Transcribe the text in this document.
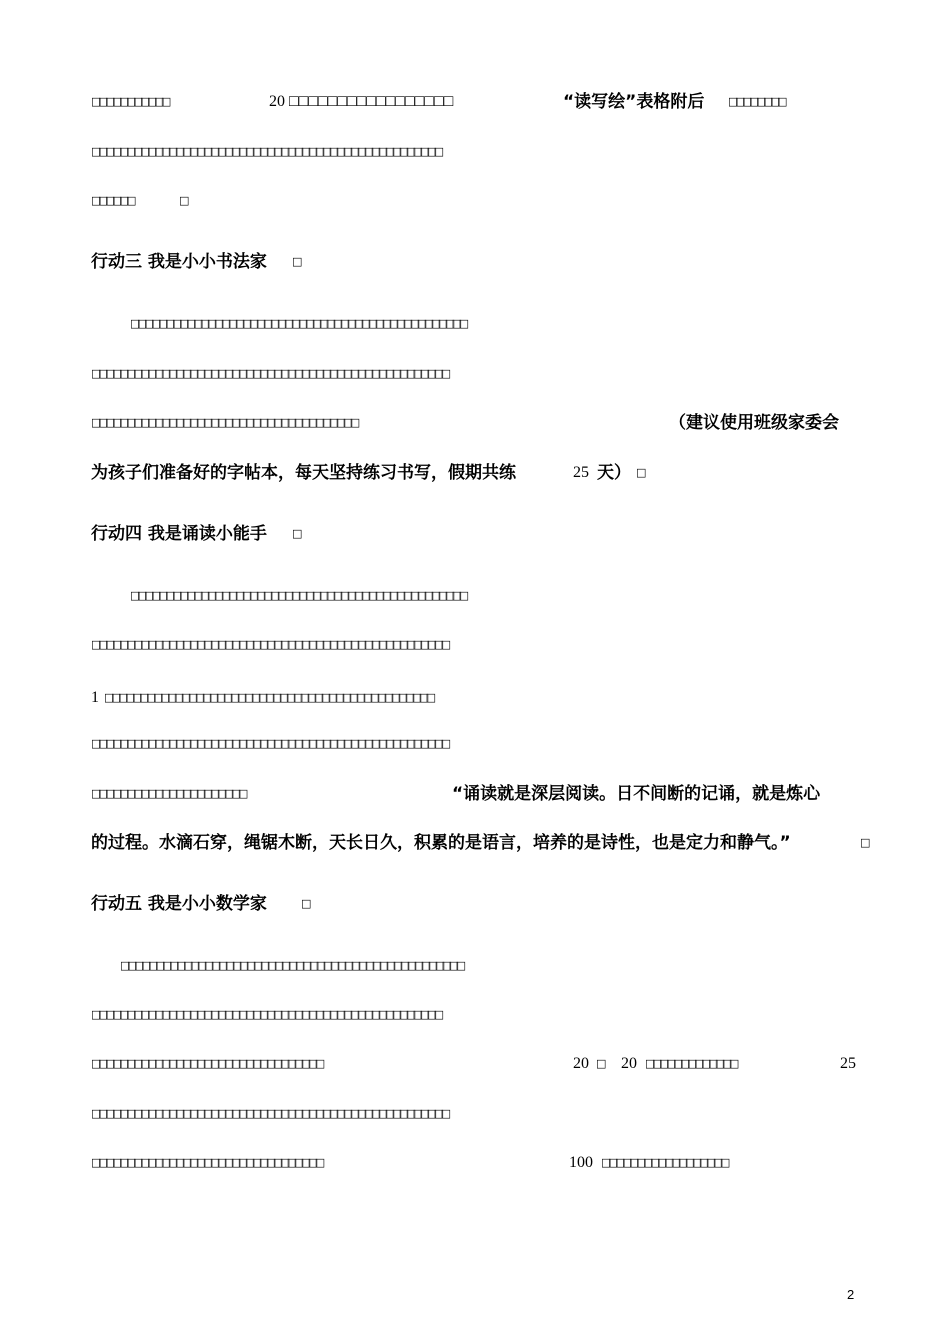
□□□□□□□□□□□	20 □□□□□□□□□□□□□□□□□	“读写绘”表格附后 □□□□□□□□
□□□□□□□□□□□□□□□□□□□□□□□□□□□□□□□□□□□□□□□□□□□□□□□□□□
□□□□□□	□
行动三 我是小小书法家 □
□□□□□□□□□□□□□□□□□□□□□□□□□□□□□□□□□□□□□□□□□□□□□□□□
□□□□□□□□□□□□□□□□□□□□□□□□□□□□□□□□□□□□□□□□□□□□□□□□□□□
□□□□□□□□□□□□□□□□□□□□□□□□□□□□□□□□□□□□□□	（建议使用班级家委会
为孩子们准备好的字帖本，每天坚持练习书写，假期共练	25 天） □
行动四 我是诵读小能手 □
□□□□□□□□□□□□□□□□□□□□□□□□□□□□□□□□□□□□□□□□□□□□□□□□
□□□□□□□□□□□□□□□□□□□□□□□□□□□□□□□□□□□□□□□□□□□□□□□□□□□
1 □□□□□□□□□□□□□□□□□□□□□□□□□□□□□□□□□□□□□□□□□□□□□□□
□□□□□□□□□□□□□□□□□□□□□□□□□□□□□□□□□□□□□□□□□□□□□□□□□□□
□□□□□□□□□□□□□□□□□□□□□□	“诵读就是深层阅读。日不间断的记诵，就是炼心
的过程。水滴石穿，绳锯木断，天长日久，积累的是语言，培养的是诗性，也是定力和静气。”	□
行动五 我是小小数学家	□
□□□□□□□□□□□□□□□□□□□□□□□□□□□□□□□□□□□□□□□□□□□□□□□□□
□□□□□□□□□□□□□□□□□□□□□□□□□□□□□□□□□□□□□□□□□□□□□□□□□□
□□□□□□□□□□□□□□□□□□□□□□□□□□□□□□□□□	20 □ 20 □□□□□□□□□□□□□	25
□□□□□□□□□□□□□□□□□□□□□□□□□□□□□□□□□□□□□□□□□□□□□□□□□□□
□□□□□□□□□□□□□□□□□□□□□□□□□□□□□□□□□	100 □□□□□□□□□□□□□□□□□□
2
